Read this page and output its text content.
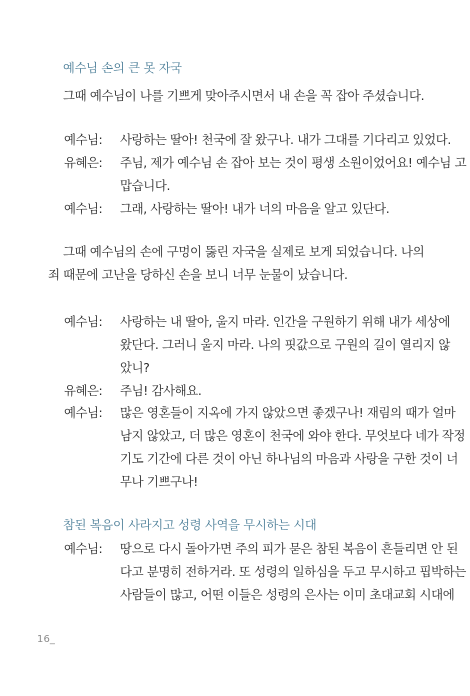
예수님 손의 큰 못 자국
그때 예수님이 나를 기쁘게 맞아주시면서 내 손을 꼭 잡아 주셨습니다.
예수님:	사랑하는 딸아! 천국에 잘 왔구나. 내가 그대를 기다리고 있었다.
유혜은:	주님, 제가 예수님 손 잡아 보는 것이 평생 소원이었어요! 예수님 고
맙습니다.
예수님:	그래, 사랑하는 딸아! 내가 너의 마음을 알고 있단다.
그때 예수님의 손에 구멍이 뚫린 자국을 실제로 보게 되었습니다. 나의
죄 때문에 고난을 당하신 손을 보니 너무 눈물이 났습니다.
예수님:	사랑하는 내 딸아, 울지 마라. 인간을 구원하기 위해 내가 세상에
왔단다. 그러니 울지 마라. 나의 핏값으로 구원의 길이 열리지 않
았니?
유혜은:	주님! 감사해요.
예수님:	많은 영혼들이 지옥에 가지 않았으면 좋겠구나! 재림의 때가 얼마
남지 않았고, 더 많은 영혼이 천국에 와야 한다. 무엇보다 네가 작정
기도 기간에 다른 것이 아닌 하나님의 마음과 사랑을 구한 것이 너
무나 기쁘구나!
참된 복음이 사라지고 성령 사역을 무시하는 시대
예수님:	땅으로 다시 돌아가면 주의 피가 묻은 참된 복음이 흔들리면 안 된
다고 분명히 전하거라. 또 성령의 일하심을 두고 무시하고 핍박하는
사람들이 많고, 어떤 이들은 성령의 은사는 이미 초대교회 시대에
16_
